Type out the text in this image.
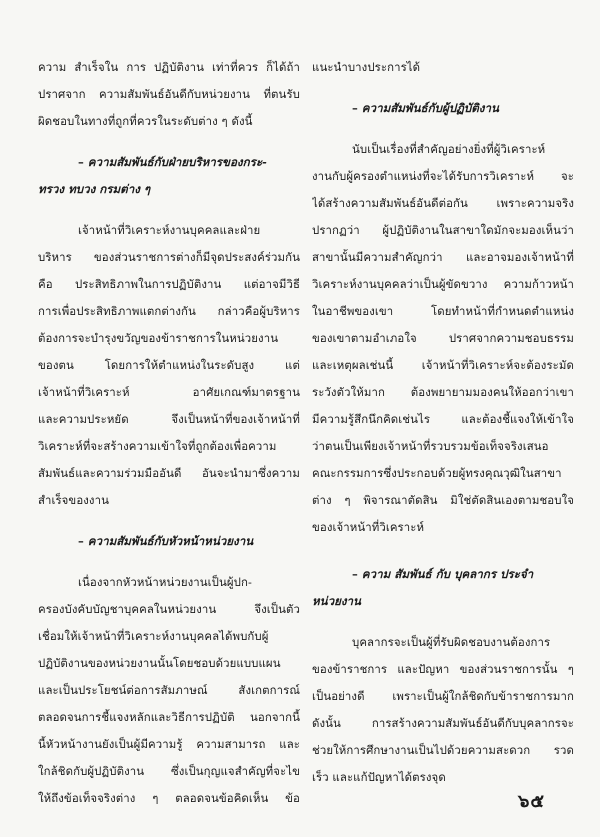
ความ สำเร็จใน การ ปฏิบัติงาน เท่าที่ควร ก็ได้ถ้า
ปราศจาก ความสัมพันธ์อันดีกับหน่วยงาน ที่ตนรับ
ผิดชอบในทางที่ถูกที่ควรในระดับต่าง ๆ ดังนี้
– ความสัมพันธ์กับฝ่ายบริหารของกระ-
ทรวง ทบวง กรมต่าง ๆ
เจ้าหน้าที่วิเคราะห์งานบุคคลและฝ่าย
บริหาร ของส่วนราชการต่างก็มีจุดประสงค์ร่วมกัน
คือ ประสิทธิภาพในการปฏิบัติงาน แต่อาจมีวิธี
การเพื่อประสิทธิภาพแตกต่างกัน กล่าวคือผู้บริหาร
ต้องการจะบำรุงขวัญของข้าราชการในหน่วยงาน
ของตน โดยการให้ตำแหน่งในระดับสูง แต่
เจ้าหน้าที่วิเคราะห์ อาศัยเกณฑ์มาตรฐาน
และความประหยัด จึงเป็นหน้าที่ของเจ้าหน้าที่
วิเคราะห์ที่จะสร้างความเข้าใจที่ถูกต้องเพื่อความ
สัมพันธ์และความร่วมมืออันดี อันจะนำมาซึ่งความ
สำเร็จของงาน
– ความสัมพันธ์กับหัวหน้าหน่วยงาน
เนื่องจากหัวหน้าหน่วยงานเป็นผู้ปก-
ครองบังคับบัญชาบุคคลในหน่วยงาน จึงเป็นตัว
เชื่อมให้เจ้าหน้าที่วิเคราะห์งานบุคคลได้พบกับผู้
ปฏิบัติงานของหน่วยงานนั้นโดยชอบด้วยแบบแผน
และเป็นประโยชน์ต่อการสัมภาษณ์ สังเกตการณ์
ตลอดจนการชี้แจงหลักและวิธีการปฏิบัติ นอกจากนี้
นี้หัวหน้างานยังเป็นผู้มีความรู้ ความสามารถ และ
ใกล้ชิดกับผู้ปฏิบัติงาน ซึ่งเป็นกุญแจสำคัญที่จะไข
ให้ถึงข้อเท็จจริงต่าง ๆ ตลอดจนข้อคิดเห็น ข้อ
แนะนำบางประการได้
– ความสัมพันธ์กับผู้ปฏิบัติงาน
นับเป็นเรื่องที่สำคัญอย่างยิ่งที่ผู้วิเคราะห์
งานกับผู้ครองตำแหน่งที่จะได้รับการวิเคราะห์ จะ
ได้สร้างความสัมพันธ์อันดีต่อกัน เพราะความจริง
ปรากฏว่า ผู้ปฏิบัติงานในสาขาใดมักจะมองเห็นว่า
สาขานั้นมีความสำคัญกว่า และอาจมองเจ้าหน้าที่
วิเคราะห์งานบุคคลว่าเป็นผู้ขัดขวาง ความก้าวหน้า
ในอาชีพของเขา โดยทำหน้าที่กำหนดตำแหน่ง
ของเขาตามอำเภอใจ ปราศจากความชอบธรรม
และเหตุผลเช่นนี้ เจ้าหน้าที่วิเคราะห์จะต้องระมัด
ระวังตัวให้มาก ต้องพยายามมองคนให้ออกว่าเขา
มีความรู้สึกนึกคิดเช่นไร และต้องชี้แจงให้เข้าใจ
ว่าตนเป็นเพียงเจ้าหน้าที่รวบรวมข้อเท็จจริงเสนอ
คณะกรรมการซึ่งประกอบด้วยผู้ทรงคุณวุฒิในสาขา
ต่าง ๆ พิจารณาตัดสิน มิใช่ตัดสินเองตามชอบใจ
ของเจ้าหน้าที่วิเคราะห์
– ความ สัมพันธ์ กับ บุคลากร ประจำ
หน่วยงาน
บุคลากรจะเป็นผู้ที่รับผิดชอบงานต้องการ
ของข้าราชการ และปัญหา ของส่วนราชการนั้น ๆ
เป็นอย่างดี เพราะเป็นผู้ใกล้ชิดกับข้าราชการมาก
ดังนั้น การสร้างความสัมพันธ์อันดีกับบุคลากรจะ
ช่วยให้การศึกษางานเป็นไปด้วยความสะดวก รวด
เร็ว และแก้ปัญหาได้ตรงจุด
๖๕
